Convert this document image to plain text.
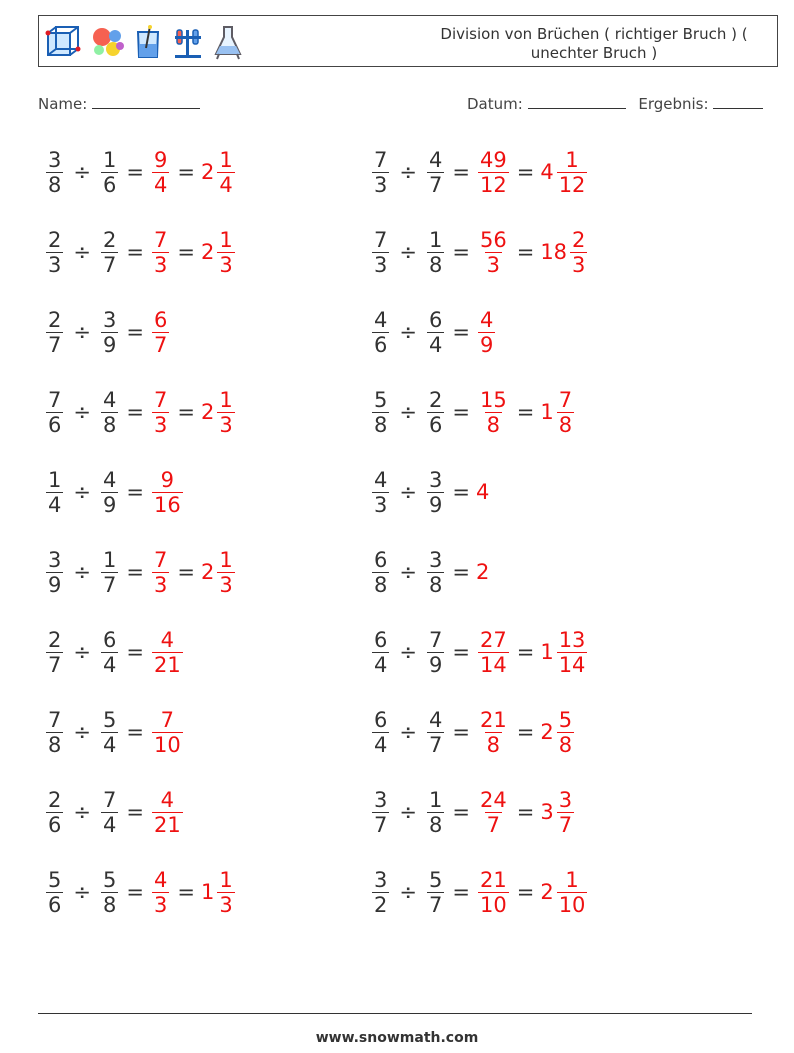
Division von Brüchen ( richtiger Bruch ) ( unechter Bruch )
Name:	Datum:	Ergebnis:
$\frac{3}{8} \div \frac{1}{6} = \frac{9}{4} = 2 \frac{1}{4}$	$\frac{7}{3} \div \frac{4}{7} = \frac{49}{12} = 4 \frac{1}{12}$
$\frac{2}{3} \div \frac{2}{7} = \frac{7}{3} = 2 \frac{1}{3}$	$\frac{7}{3} \div \frac{1}{8} = \frac{56}{3} = 18 \frac{2}{3}$
$\frac{2}{7} \div \frac{3}{9} = \frac{6}{7}$	$\frac{4}{6} \div \frac{6}{4} = \frac{4}{9}$
$\frac{7}{6} \div \frac{4}{8} = \frac{7}{3} = 2 \frac{1}{3}$	$\frac{5}{8} \div \frac{2}{6} = \frac{15}{8} = 1 \frac{7}{8}$
$\frac{1}{4} \div \frac{4}{9} = \frac{9}{16}$	$\frac{4}{3} \div \frac{3}{9} = 4$
$\frac{3}{9} \div \frac{1}{7} = \frac{7}{3} = 2 \frac{1}{3}$	$\frac{6}{8} \div \frac{3}{8} = 2$
$\frac{2}{7} \div \frac{6}{4} = \frac{4}{21}$	$\frac{6}{4} \div \frac{7}{9} = \frac{27}{14} = 1 \frac{13}{14}$
$\frac{7}{8} \div \frac{5}{4} = \frac{7}{10}$	$\frac{6}{4} \div \frac{4}{7} = \frac{21}{8} = 2 \frac{5}{8}$
$\frac{2}{6} \div \frac{7}{4} = \frac{4}{21}$	$\frac{3}{7} \div \frac{1}{8} = \frac{24}{7} = 3 \frac{3}{7}$
$\frac{5}{6} \div \frac{5}{8} = \frac{4}{3} = 1 \frac{1}{3}$	$\frac{3}{2} \div \frac{5}{7} = \frac{21}{10} = 2 \frac{1}{10}$
www.snowmath.com
